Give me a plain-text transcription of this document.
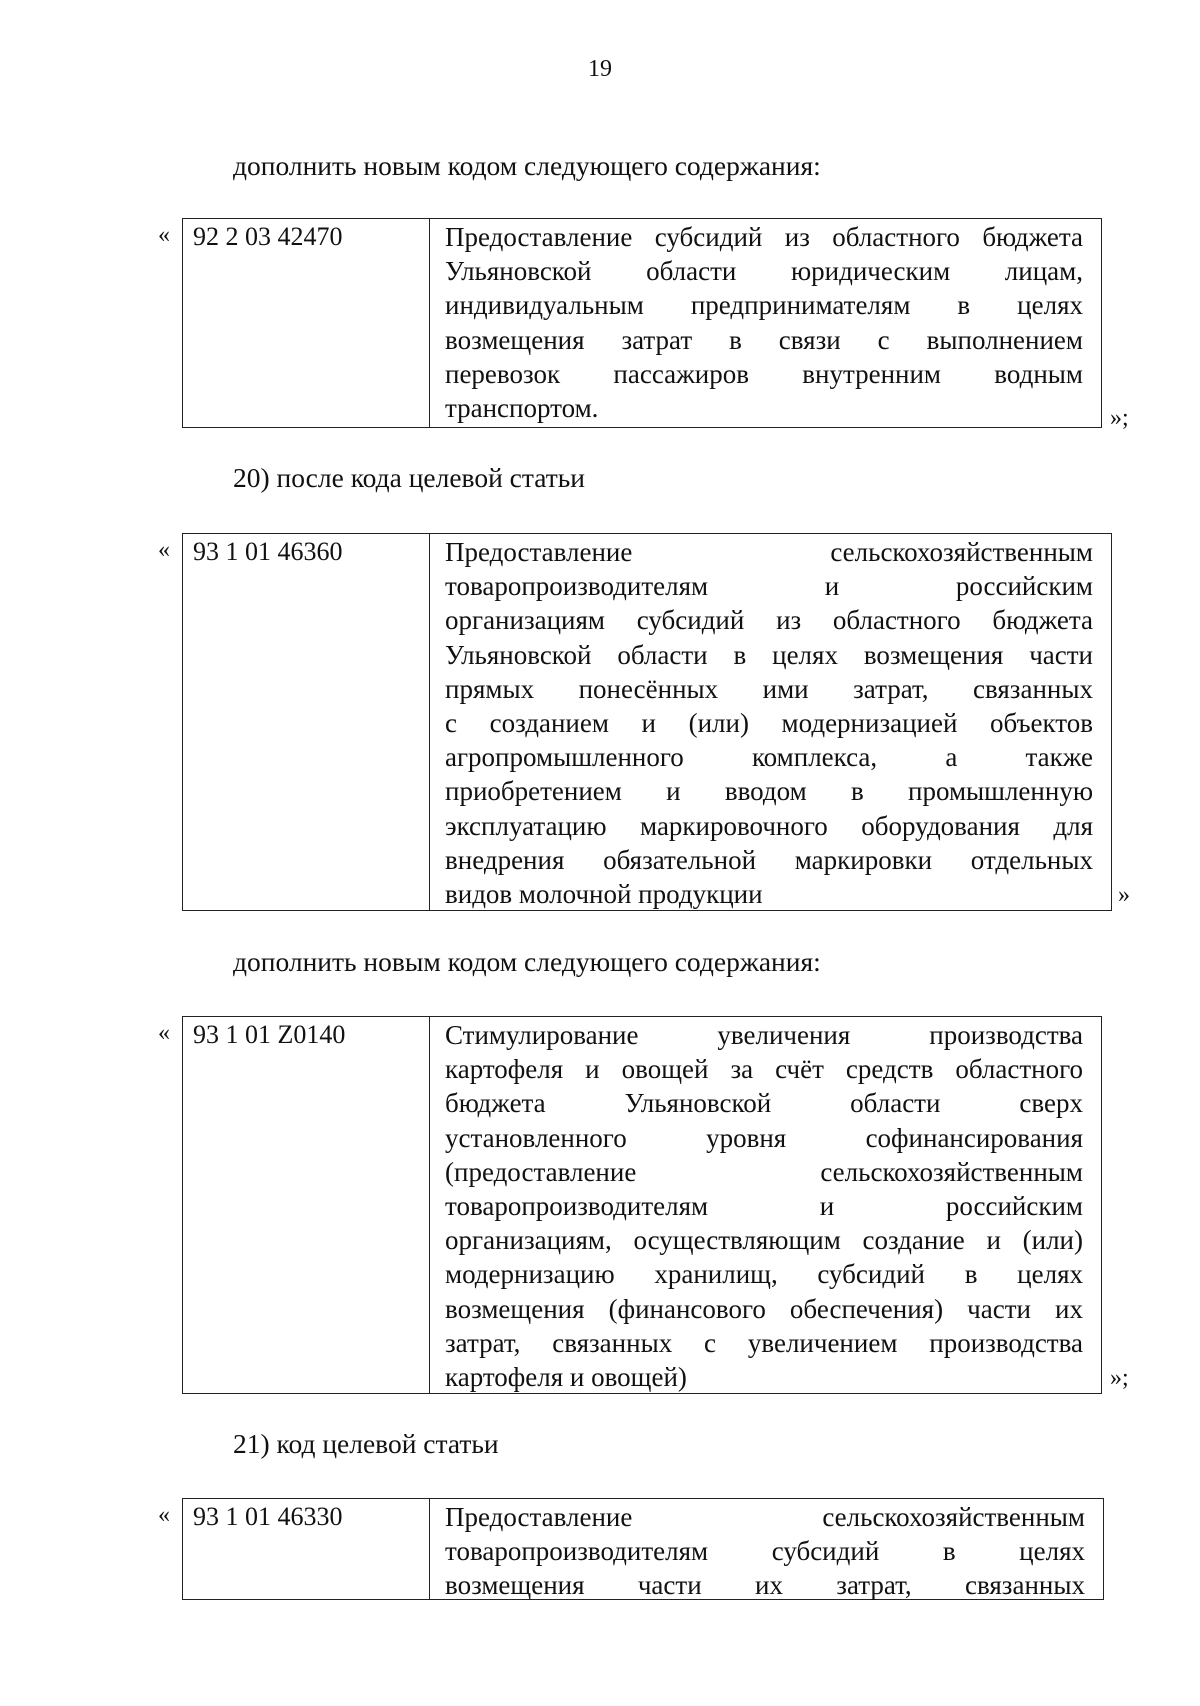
19
дополнить новым кодом следующего содержания:
« 92 2 03 42470	Предоставление субсидий из областного бюджета
Ульяновской области юридическим лицам,
индивидуальным предпринимателям в целях
возмещения затрат в связи с выполнением
перевозок пассажиров внутренним водным
транспортом.	»;
20) после кода целевой статьи
« 93 1 01 46360	Предоставление сельскохозяйственным
товаропроизводителям и российским
организациям субсидий из областного бюджета
Ульяновской области в целях возмещения части
прямых понесённых ими затрат, связанных
с созданием и (или) модернизацией объектов
агропромышленного комплекса, а также
приобретением и вводом в промышленную
эксплуатацию маркировочного оборудования для
внедрения обязательной маркировки отдельных
видов молочной продукции	»
дополнить новым кодом следующего содержания:
« 93 1 01 Z0140	Стимулирование увеличения производства
картофеля и овощей за счёт средств областного
бюджета Ульяновской области сверх
установленного уровня софинансирования
(предоставление сельскохозяйственным
товаропроизводителям и российским
организациям, осуществляющим создание и (или)
модернизацию хранилищ, субсидий в целях
возмещения (финансового обеспечения) части их
затрат, связанных с увеличением производства
картофеля и овощей)	»;
21) код целевой статьи
« 93 1 01 46330	Предоставление сельскохозяйственным
товаропроизводителям субсидий в целях
возмещения части их затрат, связанных
